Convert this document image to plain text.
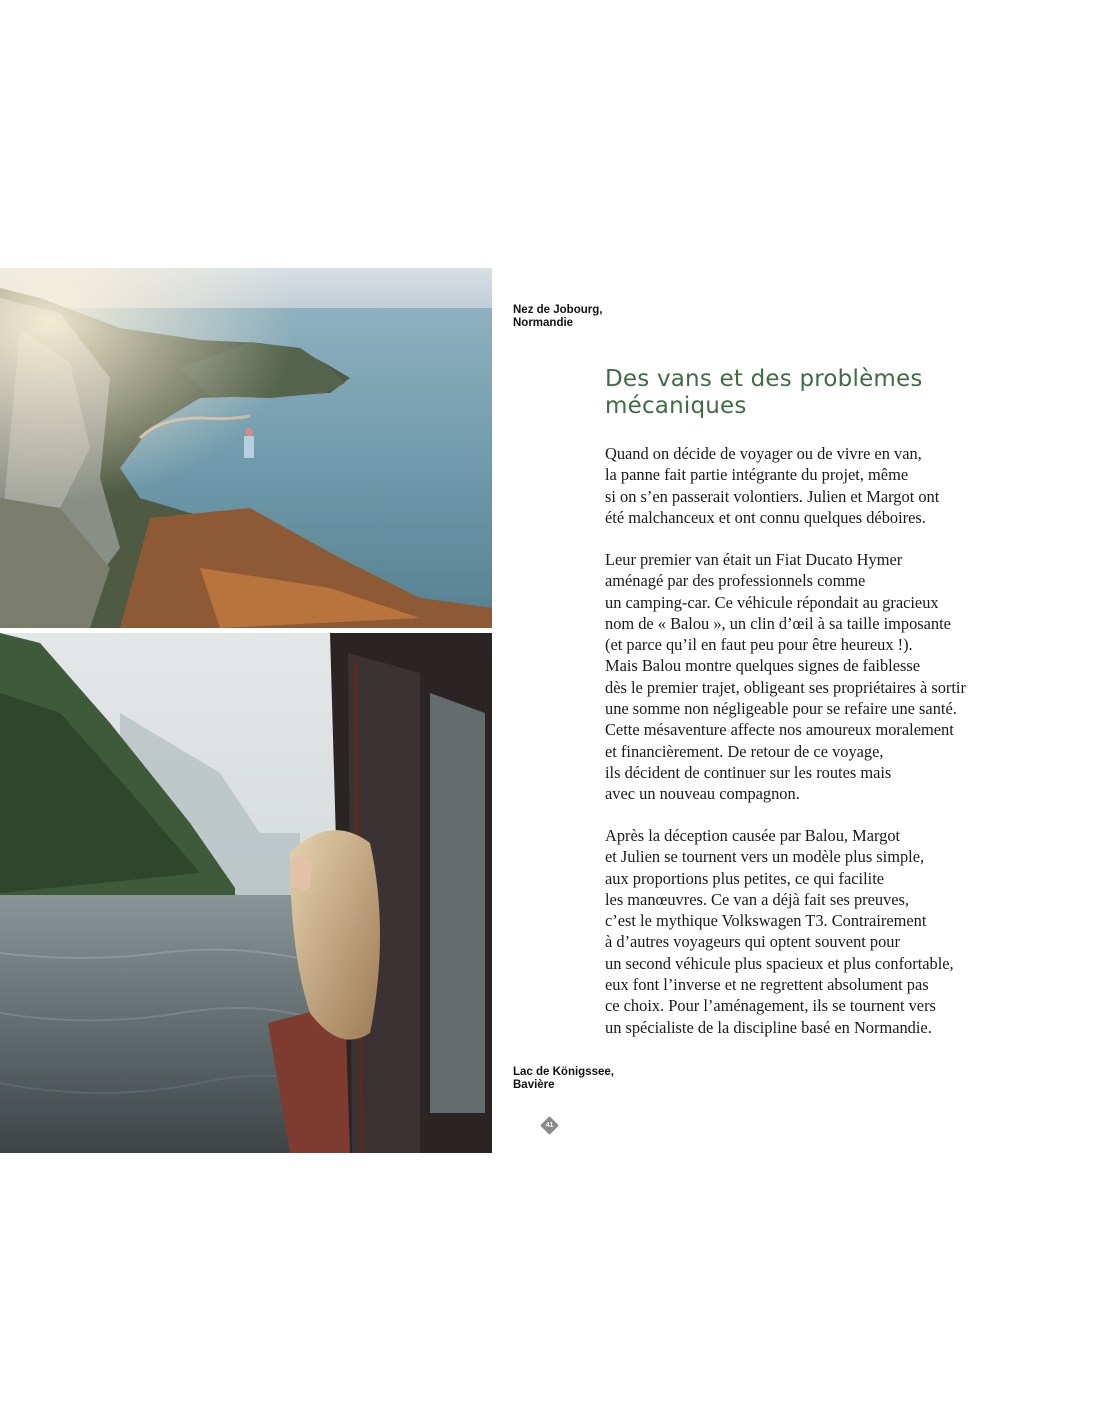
Nez de Jobourg,
Normandie
Des vans et des problèmes
mécaniques

Quand on décide de voyager ou de vivre en van,
la panne fait partie intégrante du projet, même
si on s’en passerait volontiers. Julien et Margot ont
été malchanceux et ont connu quelques déboires.

Leur premier van était un Fiat Ducato Hymer
aménagé par des professionnels comme
un camping-car. Ce véhicule répondait au gracieux
nom de « Balou », un clin d’œil à sa taille imposante
(et parce qu’il en faut peu pour être heureux !).
Mais Balou montre quelques signes de faiblesse
dès le premier trajet, obligeant ses propriétaires à sortir
une somme non négligeable pour se refaire une santé.
Cette mésaventure affecte nos amoureux moralement
et financièrement. De retour de ce voyage,
ils décident de continuer sur les routes mais
avec un nouveau compagnon.

Après la déception causée par Balou, Margot
et Julien se tournent vers un modèle plus simple,
aux proportions plus petites, ce qui facilite
les manœuvres. Ce van a déjà fait ses preuves,
c’est le mythique Volkswagen T3. Contrairement
à d’autres voyageurs qui optent souvent pour
un second véhicule plus spacieux et plus confortable,
eux font l’inverse et ne regrettent absolument pas
ce choix. Pour l’aménagement, ils se tournent vers
un spécialiste de la discipline basé en Normandie.

Lac de Königssee,
Bavière
41
